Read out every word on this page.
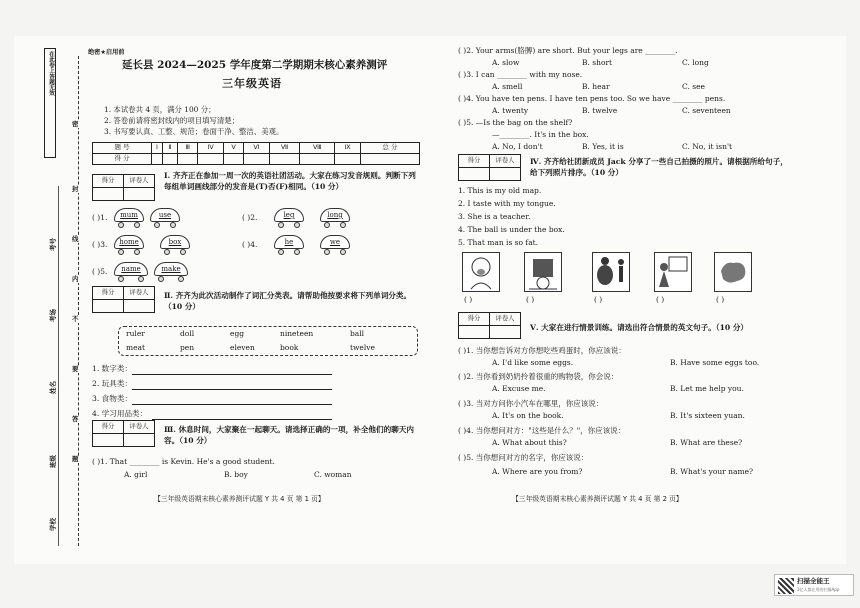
在此卷上答题无效
学校
班级
姓名
考场
考号
密
封
线
内
不
要
答
题
绝密★启用前
延长县 2024—2025 学年度第二学期期末核心素养测评
三年级英语
1. 本试卷共 4 页，满分 100 分；
2. 答卷前请将密封线内的项目填写清楚；
3. 书写要认真、工整、规范；卷面干净、整洁、美观。
题 号	Ⅰ	Ⅱ	Ⅲ	Ⅳ	Ⅴ	Ⅵ	Ⅶ	Ⅷ	Ⅸ	总 分
得 分										
得分	评卷人

Ⅰ. 齐齐正在参加一周一次的英语社团活动。大家在练习发音规则。判断下列每组单词画线部分的发音是(T)否(F)相同。（10 分）
( )1.	mum	use	( )2.	leg	long
( )3.	home	box	( )4.	he	we
( )5.	name	make
得分	评卷人
	Ⅱ. 齐齐为此次活动制作了词汇分类表。请帮助他按要求将下列单词分类。（10 分）
ruler	doll	egg	nineteen	ball
meat	pen	eleven	book	twelve
1. 数字类：
2. 玩具类：
3. 食物类：
4. 学习用品类：
得分	评卷人
	Ⅲ. 休息时间，大家聚在一起聊天。请选择正确的一项，补全他们的聊天内容。（10 分）
( )1. That ________ is Kevin. He's a good student.
A. girl	B. boy	C. woman
【三年级英语期末核心素养测评试题 Y 共 4 页 第 1 页】
( )2. Your arms(胳膊) are short. But your legs are ________.
A. slow	B. short	C. long
( )3. I can ________ with my nose.
A. smell	B. hear	C. see
( )4. You have ten pens. I have ten pens too. So we have ________ pens.
A. twenty	B. twelve	C. seventeen
( )5. —Is the bag on the shelf?
—________. It's in the box.
A. No, I don't	B. Yes, it is	C. No, it isn't
得分	评卷人
	Ⅳ. 齐齐给社团新成员 Jack 分享了一些自己拍摄的照片。请根据所给句子，给下列照片排序。（10 分）
1. This is my old map.
2. I taste with my tongue.
3. She is a teacher.
4. The ball is under the box.
5. That man is so fat.
( )	( )	( )	( )	( )
得分	评卷人

Ⅴ. 大家在进行情景训练。请选出符合情景的英文句子。（10 分）
( )1. 当你想告诉对方你想吃些鸡蛋时，你应该说：
A. I'd like some eggs.	B. Have some eggs too.
( )2. 当你看到奶奶拎着很重的购物袋，你会说：
A. Excuse me.	B. Let me help you.
( )3. 当对方问你小汽车在哪里，你应该说：
A. It's on the book.	B. It's sixteen yuan.
( )4. 当你想问对方："这些是什么？"，你应该说：
A. What about this?	B. What are these?
( )5. 当你想问对方的名字，你应该说：
A. Where are you from?	B. What's your name?
【三年级英语期末核心素养测评试题 Y 共 4 页 第 2 页】
扫描全能王
3亿人都在用的扫描App
